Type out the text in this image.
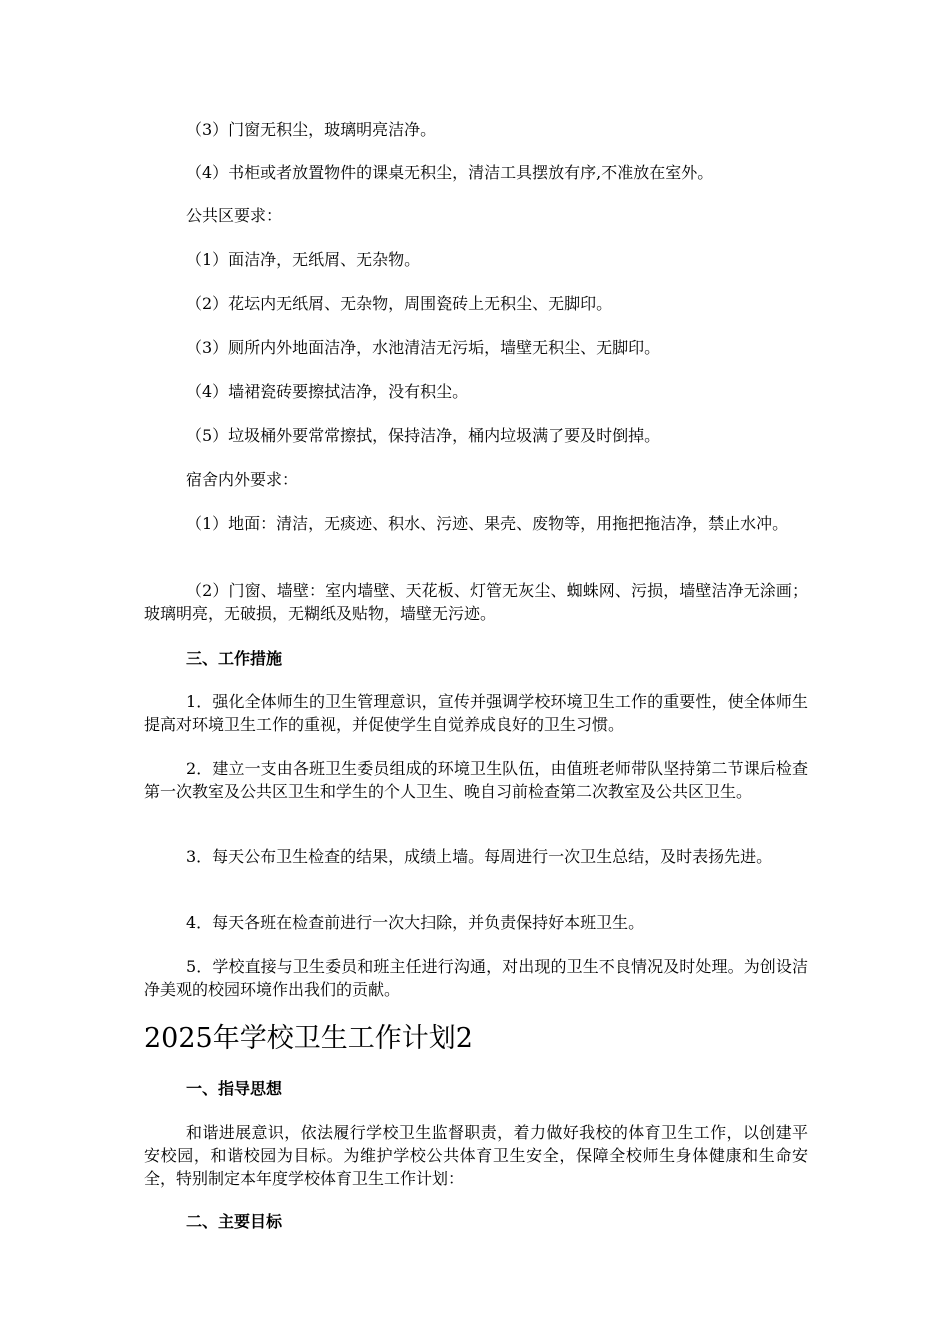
（3）门窗无积尘，玻璃明亮洁净。

（4）书柜或者放置物件的课桌无积尘，清洁工具摆放有序,不准放在室外。

公共区要求：

（1）面洁净，无纸屑、无杂物。

（2）花坛内无纸屑、无杂物，周围瓷砖上无积尘、无脚印。

（3）厕所内外地面洁净，水池清洁无污垢，墙壁无积尘、无脚印。

（4）墙裙瓷砖要擦拭洁净，没有积尘。

（5）垃圾桶外要常常擦拭，保持洁净，桶内垃圾满了要及时倒掉。

宿舍内外要求：

（1）地面：清洁，无痰迹、积水、污迹、果壳、废物等，用拖把拖洁净，禁止水冲。

（2）门窗、墙壁：室内墙壁、天花板、灯管无灰尘、蜘蛛网、污损，墙壁洁净无涂画；玻璃明亮，无破损，无糊纸及贴物，墙壁无污迹。

三、工作措施

1．强化全体师生的卫生管理意识，宣传并强调学校环境卫生工作的重要性，使全体师生提高对环境卫生工作的重视，并促使学生自觉养成良好的卫生习惯。

2．建立一支由各班卫生委员组成的环境卫生队伍，由值班老师带队坚持第二节课后检查第一次教室及公共区卫生和学生的个人卫生、晚自习前检查第二次教室及公共区卫生。

3．每天公布卫生检查的结果，成绩上墙。每周进行一次卫生总结，及时表扬先进。

4．每天各班在检查前进行一次大扫除，并负责保持好本班卫生。

5．学校直接与卫生委员和班主任进行沟通，对出现的卫生不良情况及时处理。为创设洁净美观的校园环境作出我们的贡献。

2025年学校卫生工作计划2

一、指导思想

和谐进展意识，依法履行学校卫生监督职责，着力做好我校的体育卫生工作，以创建平安校园，和谐校园为目标。为维护学校公共体育卫生安全，保障全校师生身体健康和生命安全，特别制定本年度学校体育卫生工作计划：

二、主要目标
